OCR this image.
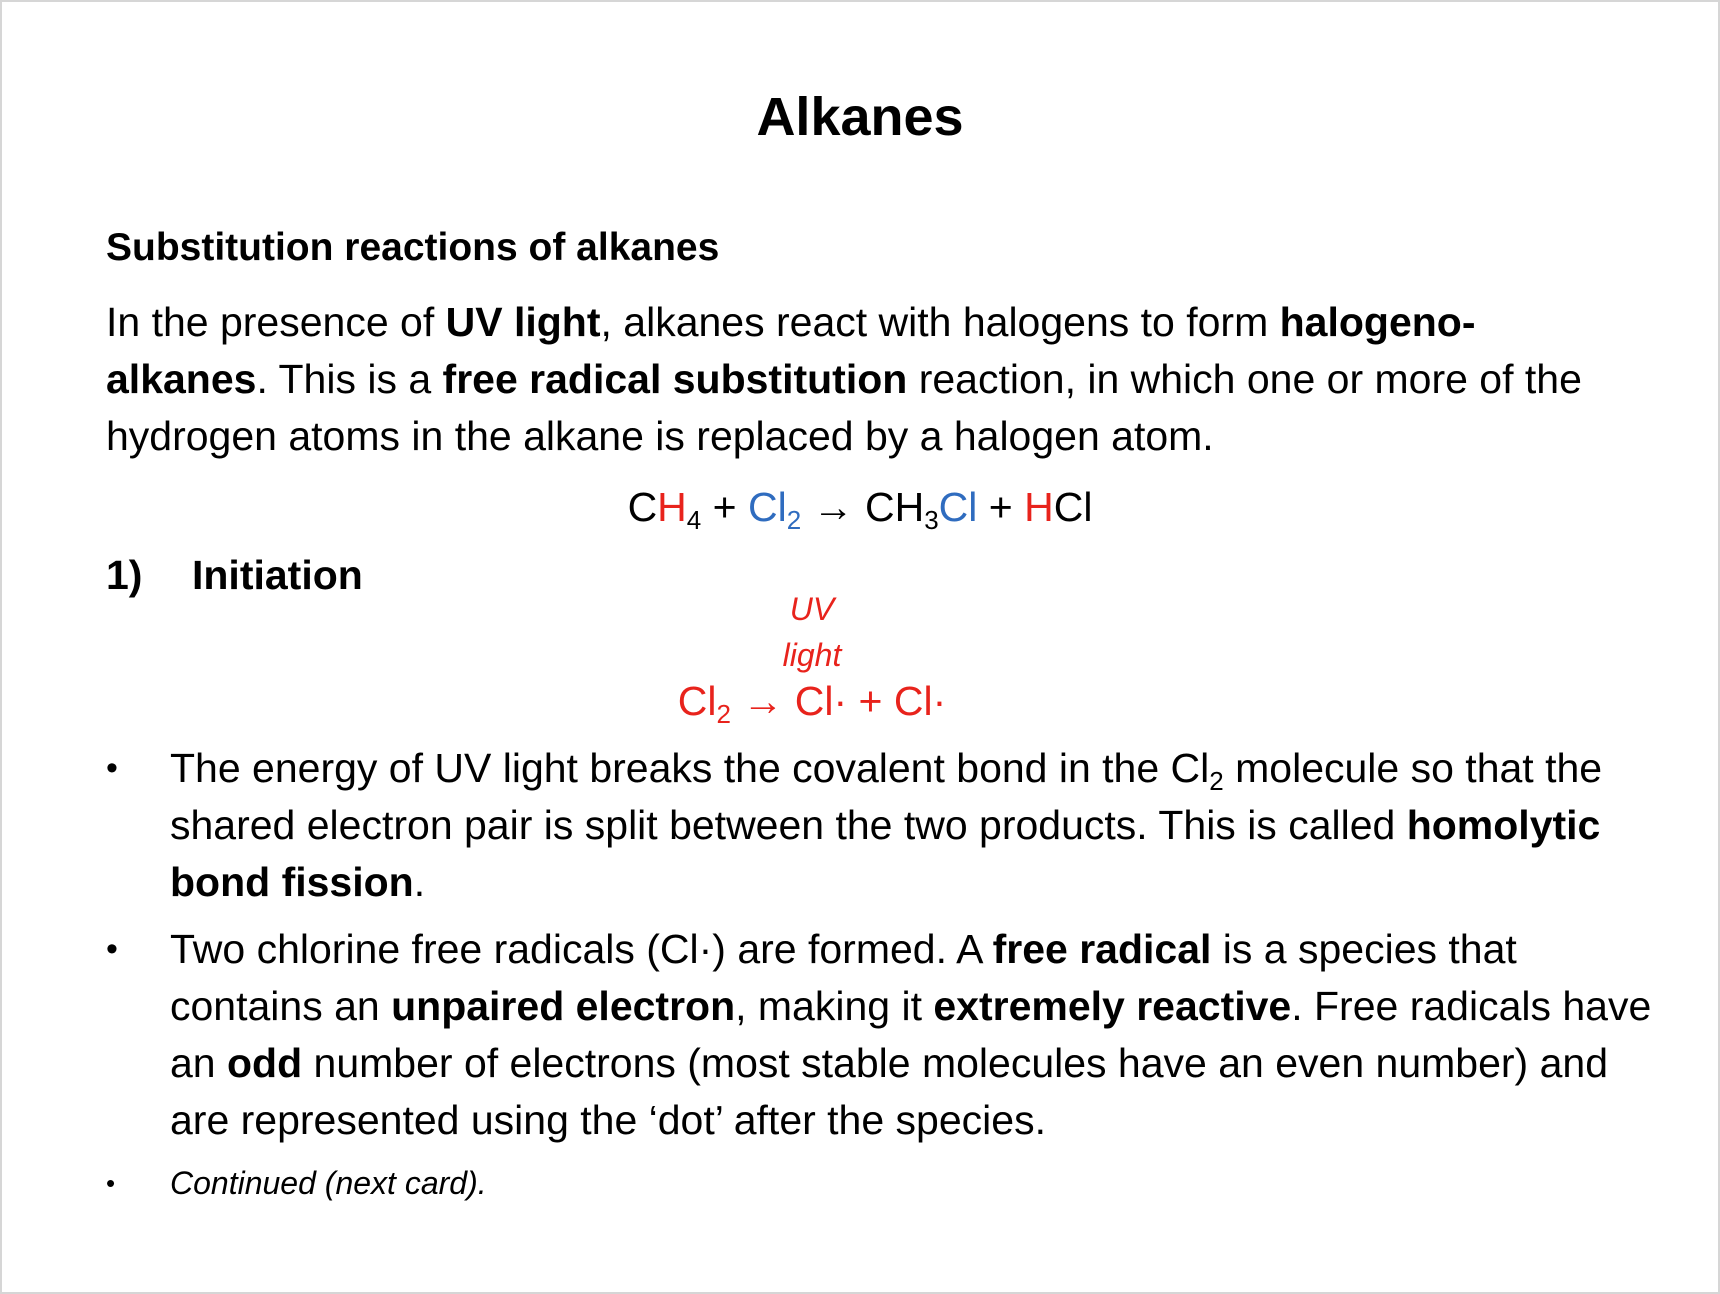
Alkanes
Substitution reactions of alkanes
In the presence of UV light, alkanes react with halogens to form halogeno-alkanes. This is a free radical substitution reaction, in which one or more of the hydrogen atoms in the alkane is replaced by a halogen atom.
$CH_4 + Cl_2 \to CH_3Cl$ + HCl
1) Initiation
UV
light
$Cl_2 \to Cl\cdot + Cl\cdot$
• The energy of UV light breaks the covalent bond in the $Cl_2$ molecule so that the shared electron pair is split between the two products. This is called homolytic bond fission.
• Two chlorine free radicals (Cl·) are formed. A free radical is a species that contains an unpaired electron, making it extremely reactive. Free radicals have an odd number of electrons (most stable molecules have an even number) and are represented using the ‘dot’ after the species.
•	Continued (next card).
